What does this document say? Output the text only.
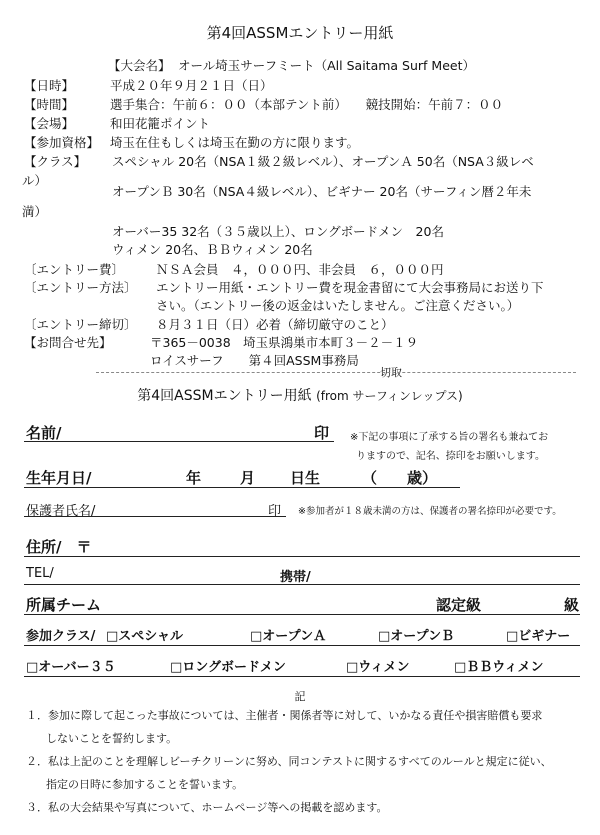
第4回ASSMエントリー用紙
【大会名】 オール埼玉サーフミート（All Saitama Surf Meet）
【日時】	平成２０年９月２１日（日）
【時間】	選手集合：午前６：００（本部テント前）　　競技開始：午前７：００
【会場】	和田花籠ポイント
【参加資格】 埼玉在住もしくは埼玉在勤の方に限ります。
【クラス】 スペシャル 20名（NSA１級２級レベル）、オープンＡ 50名（NSA３級レベ
ル）
オープンＢ 30名（NSA４級レベル）、ビギナー 20名（サーフィン暦２年未
満）
オーバー35 32名（３５歳以上）、ロングボードメン　20名
ウィメン 20名、ＢＢウィメン 20名
〔エントリー費〕	ＮＳＡ会員　４，０００円、非会員　６，０００円
〔エントリー方法〕 エントリー用紙・エントリー費を現金書留にて大会事務局にお送り下
さい。（エントリー後の返金はいたしません。ご注意ください。）
〔エントリー締切〕 ８月３１日（日）必着（締切厳守のこと）
【お問合せ先】	〒365－0038　埼玉県鴻巣市本町３－２－１９
ロイスサーフ　　第４回ASSM事務局
切取
第4回ASSMエントリー用紙 (from サーフィンレップス)
名前/	印 ※下記の事項に了承する旨の署名も兼ねてお
りますので、記名、捺印をお願いします。
生年月日/	年	月 日生	（　　歳）
保護者氏名/	印 ※参加者が１８歳未満の方は、保護者の署名捺印が必要です。
住所/　〒
TEL/	携帯/
所属チーム	認定級	級
参加クラス/ □スペシャル	□オープンＡ	□オープンＢ	□ビギナー
□オーバー３５	□ロングボードメン	□ウィメン	□ＢＢウィメン
記
１．参加に際して起こった事故については、主催者・関係者等に対して、いかなる責任や損害賠償も要求
しないことを誓約します。
２．私は上記のことを理解しビーチクリーンに努め、同コンテストに関するすべてのルールと規定に従い、
指定の日時に参加することを誓います。
３．私の大会結果や写真について、ホームページ等への掲載を認めます。
